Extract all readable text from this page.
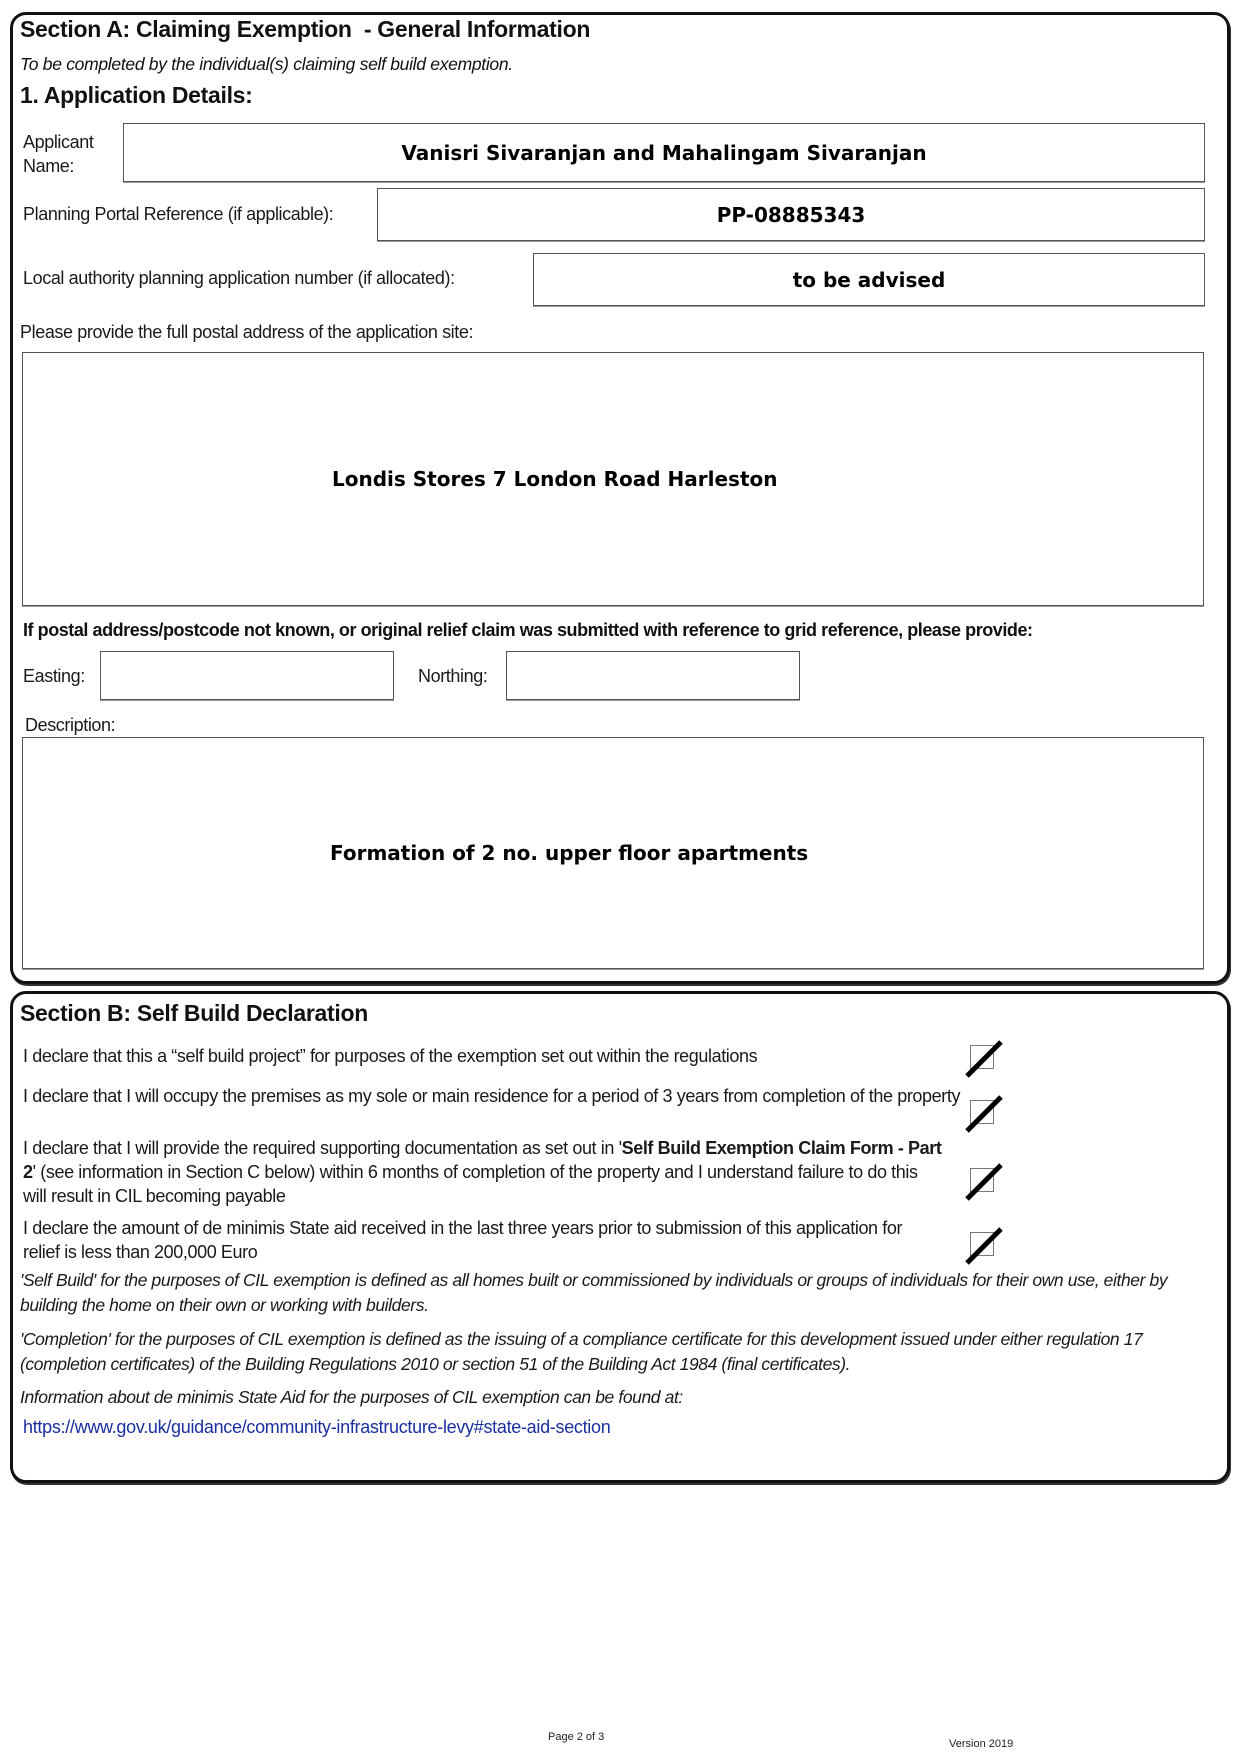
Section A: Claiming Exemption  - General Information
To be completed by the individual(s) claiming self build exemption.
1. Application Details:
Applicant
Name:
Vanisri Sivaranjan and Mahalingam Sivaranjan
Planning Portal Reference (if applicable):	PP-08885343
Local authority planning application number (if allocated):	to be advised
Please provide the full postal address of the application site:
Londis Stores 7 London Road Harleston
If postal address/postcode not known, or original relief claim was submitted with reference to grid reference, please provide:
Easting:	Northing:
Description:
Formation of 2 no. upper floor apartments
Section B: Self Build Declaration
I declare that this a “self build project” for purposes of the exemption set out within the regulations
I declare that I will occupy the premises as my sole or main residence for a period of 3 years from completion of the property
I declare that I will provide the required supporting documentation as set out in 'Self Build Exemption Claim Form - Part 2' (see information in Section C below) within 6 months of completion of the property and I understand failure to do this will result in CIL becoming payable
I declare the amount of de minimis State aid received in the last three years prior to submission of this application for relief is less than 200,000 Euro
'Self Build' for the purposes of CIL exemption is defined as all homes built or commissioned by individuals or groups of individuals for their own use, either by building the home on their own or working with builders.
'Completion' for the purposes of CIL exemption is defined as the issuing of a compliance certificate for this development issued under either regulation 17 (completion certificates) of the Building Regulations 2010 or section 51 of the Building Act 1984 (final certificates).
Information about de minimis State Aid for the purposes of CIL exemption can be found at:
https://www.gov.uk/guidance/community-infrastructure-levy#state-aid-section
Page 2 of 3
Version 2019
